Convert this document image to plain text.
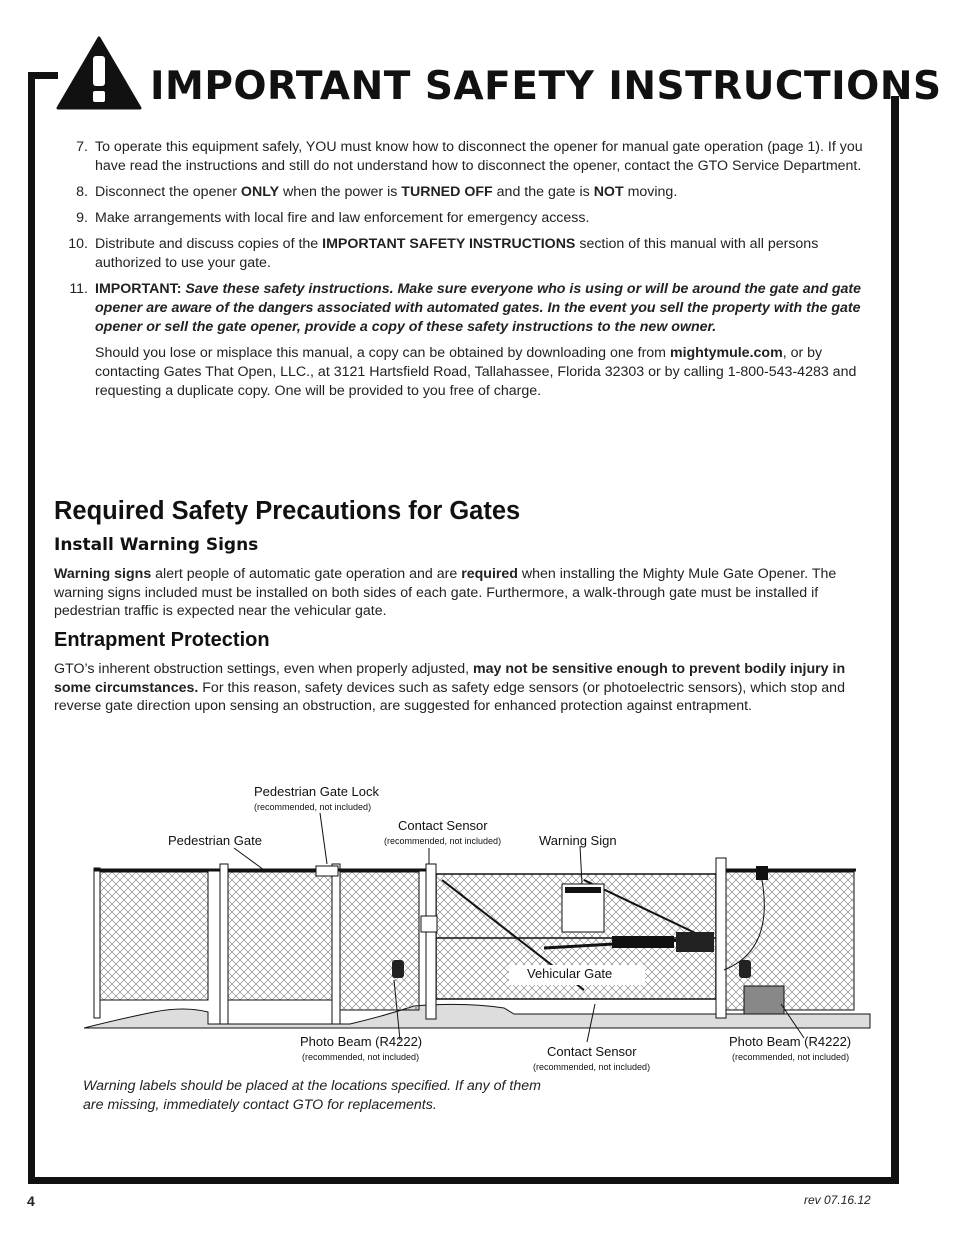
IMPORTANT SAFETY INSTRUCTIONS
7. To operate this equipment safely, YOU must know how to disconnect the opener for manual gate operation (page 1). If you have read the instructions and still do not understand how to disconnect the opener, contact the GTO Service Department.

8. Disconnect the opener ONLY when the power is TURNED OFF and the gate is NOT moving.

9. Make arrangements with local fire and law enforcement for emergency access.

10. Distribute and discuss copies of the IMPORTANT SAFETY INSTRUCTIONS section of this manual with all persons authorized to use your gate.

11. IMPORTANT: Save these safety instructions. Make sure everyone who is using or will be around the gate and gate opener are aware of the dangers associated with automated gates. In the event you sell the property with the gate opener or sell the gate opener, provide a copy of these safety instructions to the new owner.

Should you lose or misplace this manual, a copy can be obtained by downloading one from mightymule.com, or by contacting Gates That Open, LLC., at 3121 Hartsfield Road, Tallahassee, Florida 32303 or by calling 1-800-543-4283 and requesting a duplicate copy. One will be provided to you free of charge.

Required Safety Precautions for Gates
Install Warning Signs

Warning signs alert people of automatic gate operation and are required when installing the Mighty Mule Gate Opener. The warning signs included must be installed on both sides of each gate. Furthermore, a walk-through gate must be installed if pedestrian traffic is expected near the vehicular gate.

Entrapment Protection

GTO’s inherent obstruction settings, even when properly adjusted, may not be sensitive enough to prevent bodily injury in some circumstances. For this reason, safety devices such as safety edge sensors (or photoelectric sensors), which stop and reverse gate direction upon sensing an obstruction, are suggested for enhanced protection against entrapment.

Pedestrian Gate Lock
(recommended, not included)
Pedestrian Gate
Contact Sensor
(recommended, not included)	Warning Sign
Vehicular Gate
Photo Beam (R4222)
(recommended, not included)	Contact Sensor
(recommended, not included)
Photo Beam (R4222)
(recommended, not included)

Warning labels should be placed at the locations specified. If any of them are missing, immediately contact GTO for replacements.

4	rev 07.16.12
